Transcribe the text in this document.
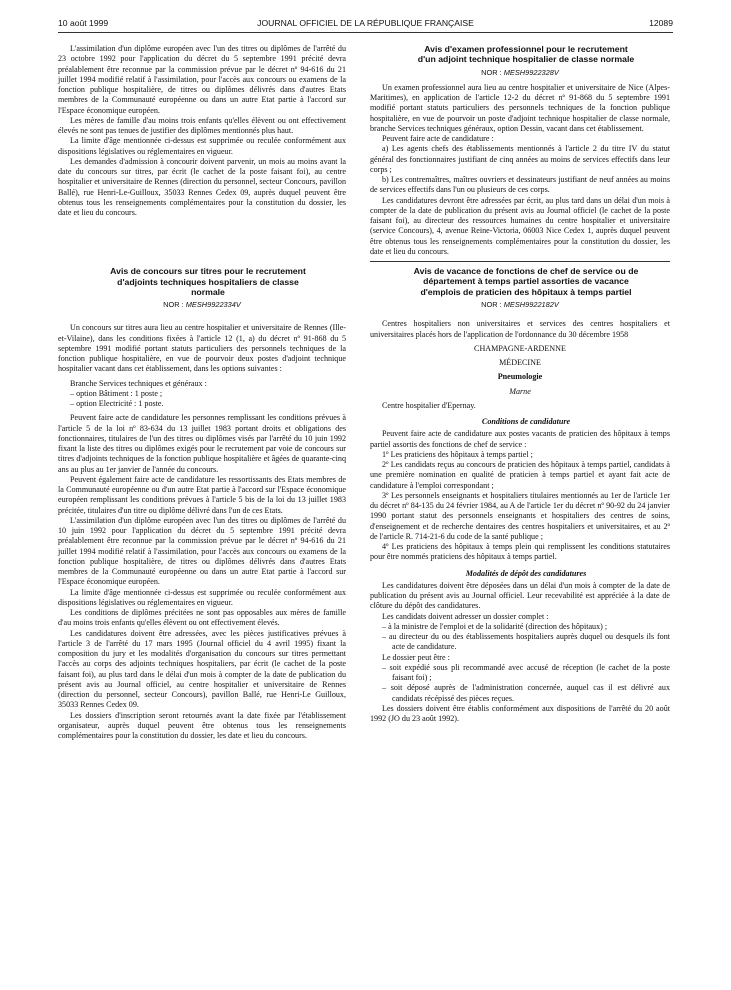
10 août 1999	JOURNAL OFFICIEL DE LA RÉPUBLIQUE FRANÇAISE	12089

L'assimilation d'un diplôme européen avec l'un des titres ou diplômes de l'arrêté du 23 octobre 1992 pour l'application du décret du 5 septembre 1991 précité devra préalablement être reconnue par la commission prévue par le décret nº 94-616 du 21 juillet 1994 modifié relatif à l'assimilation, pour l'accès aux concours ou examens de la fonction publique hospitalière, de titres ou diplômes délivrés dans d'autres Etats membres de la Communauté européenne ou dans un autre Etat partie à l'accord sur l'Espace économique européen.

Les mères de famille d'au moins trois enfants qu'elles élèvent ou ont effectivement élevés ne sont pas tenues de justifier des diplômes mentionnés plus haut.

La limite d'âge mentionnée ci-dessus est supprimée ou reculée conformément aux dispositions législatives ou réglementaires en vigueur.

Les demandes d'admission à concourir doivent parvenir, un mois au moins avant la date du concours sur titres, par écrit (le cachet de la poste faisant foi), au centre hospitalier et universitaire de Rennes (direction du personnel, secteur Concours, pavillon Ballé), rue Henri-Le-Guilloux, 35033 Rennes Cedex 09, auprès duquel peuvent être obtenus tous les renseignements complémentaires pour la constitution du dossier, les date et lieu du concours.

Avis de concours sur titres pour le recrutement

d'adjoints techniques hospitaliers de classe

normale

NOR : MESH9922334V

Un concours sur titres aura lieu au centre hospitalier et universitaire de Rennes (Ille-et-Vilaine), dans les conditions fixées à l'article 12 (1, a) du décret nº 91-868 du 5 septembre 1991 modifié portant statuts particuliers des personnels techniques de la fonction publique hospitalière, en vue de pourvoir deux postes d'adjoint technique hospitalier vacant dans cet établissement, dans les options suivantes :

Branche Services techniques et généraux :

– option Bâtiment : 1 poste ;
– option Electricité : 1 poste.

Peuvent faire acte de candidature les personnes remplissant les conditions prévues à l'article 5 de la loi nº 83-634 du 13 juillet 1983 portant droits et obligations des fonctionnaires, titulaires de l'un des titres ou diplômes visés par l'arrêté du 10 juin 1992 fixant la liste des titres ou diplômes exigés pour le recrutement par voie de concours sur titres d'adjoints techniques de la fonction publique hospitalière et âgées de quarante-cinq ans au plus au 1er janvier de l'année du concours.

Peuvent également faire acte de candidature les ressortissants des Etats membres de la Communauté européenne ou d'un autre Etat partie à l'accord sur l'Espace économique européen remplissant les conditions prévues à l'article 5 bis de la loi du 13 juillet 1983 précitée, titulaires d'un titre ou diplôme délivré dans l'un de ces Etats.

L'assimilation d'un diplôme européen avec l'un des titres ou diplômes de l'arrêté du 10 juin 1992 pour l'application du décret du 5 septembre 1991 précité devra préalablement être reconnue par la commission prévue par le décret nº 94-616 du 21 juillet 1994 modifié relatif à l'assimilation, pour l'accès aux concours ou examens de la fonction publique hospitalière, de titres ou diplômes délivrés dans d'autres Etats membres de la Communauté européenne ou dans un autre Etat partie à l'accord sur l'Espace économique européen.

La limite d'âge mentionnée ci-dessus est supprimée ou reculée conformément aux dispositions législatives ou réglementaires en vigueur.

Les conditions de diplômes précitées ne sont pas opposables aux mères de famille d'au moins trois enfants qu'elles élèvent ou ont effectivement élevés.

Les candidatures doivent être adressées, avec les pièces justificatives prévues à l'article 3 de l'arrêté du 17 mars 1995 (Journal officiel du 4 avril 1995) fixant la composition du jury et les modalités d'organisation du concours sur titres permettant l'accès au corps des adjoints techniques hospitaliers, par écrit (le cachet de la poste faisant foi), au plus tard dans le délai d'un mois à compter de la date de publication du présent avis au Journal officiel, au centre hospitalier et universitaire de Rennes (direction du personnel, secteur Concours), pavillon Ballé, rue Henri-Le Guilloux, 35033 Rennes Cedex 09.

Les dossiers d'inscription seront retournés avant la date fixée par l'établissement organisateur, auprès duquel peuvent être obtenus tous les renseignements complémentaires pour la constitution du dossier, les date et lieu du concours.

Avis d'examen professionnel pour le recrutement

d'un adjoint technique hospitalier de classe normale

NOR : MESH9922328V

Un examen professionnel aura lieu au centre hospitalier et universitaire de Nice (Alpes-Maritimes), en application de l'article 12-2 du décret nº 91-868 du 5 septembre 1991 modifié portant statuts particuliers des personnels techniques de la fonction publique hospitalière, en vue de pourvoir un poste d'adjoint technique hospitalier de classe normale, branche Services techniques généraux, option Dessin, vacant dans cet établissement.

Peuvent faire acte de candidature :

a) Les agents chefs des établissements mentionnés à l'article 2 du titre IV du statut général des fonctionnaires justifiant de cinq années au moins de services effectifs dans leur corps ;

b) Les contremaîtres, maîtres ouvriers et dessinateurs justifiant de neuf années au moins de services effectifs dans l'un ou plusieurs de ces corps.

Les candidatures devront être adressées par écrit, au plus tard dans un délai d'un mois à compter de la date de publication du présent avis au Journal officiel (le cachet de la poste faisant foi), au directeur des ressources humaines du centre hospitalier et universitaire (service Concours), 4, avenue Reine-Victoria, 06003 Nice Cedex 1, auprès duquel peuvent être obtenus tous les renseignements complémentaires pour la constitution du dossier, les date et lieu du concours.

Avis de vacance de fonctions de chef de service ou de

département à temps partiel assorties de vacance

d'emplois de praticien des hôpitaux à temps partiel

NOR : MESH9922182V

Centres hospitaliers non universitaires et services des centres hospitaliers et universitaires placés hors de l'application de l'ordonnance du 30 décembre 1958

CHAMPAGNE-ARDENNE

MÉDECINE

Pneumologie

Marne

Centre hospitalier d'Epernay.

Conditions de candidature

Peuvent faire acte de candidature aux postes vacants de praticien des hôpitaux à temps partiel assortis des fonctions de chef de service :

1º Les praticiens des hôpitaux à temps partiel ;

2º Les candidats reçus au concours de praticien des hôpitaux à temps partiel, candidats à une première nomination en qualité de praticien à temps partiel et ayant fait acte de candidature à l'emploi correspondant ;

3º Les personnels enseignants et hospitaliers titulaires mentionnés au 1er de l'article 1er du décret nº 84-135 du 24 février 1984, au A de l'article 1er du décret nº 90-92 du 24 janvier 1990 portant statut des personnels enseignants et hospitaliers des centres de soins, d'enseignement et de recherche dentaires des centres hospitaliers et universitaires, et au 2º de l'article R. 714-21-6 du code de la santé publique ;

4º Les praticiens des hôpitaux à temps plein qui remplissent les conditions statutaires pour être nommés praticiens des hôpitaux à temps partiel.

Modalités de dépôt des candidatures

Les candidatures doivent être déposées dans un délai d'un mois à compter de la date de publication du présent avis au Journal officiel. Leur recevabilité est appréciée à la date de clôture du dépôt des candidatures.

Les candidats doivent adresser un dossier complet :

– à la ministre de l'emploi et de la solidarité (direction des hôpitaux) ;
– au directeur du ou des établissements hospitaliers auprès duquel ou desquels ils font acte de candidature.

Le dossier peut être :

– soit expédié sous pli recommandé avec accusé de réception (le cachet de la poste faisant foi) ;
– soit déposé auprès de l'administration concernée, auquel cas il est délivré aux candidats récépissé des pièces reçues.

Les dossiers doivent être établis conformément aux dispositions de l'arrêté du 20 août 1992 (JO du 23 août 1992).
